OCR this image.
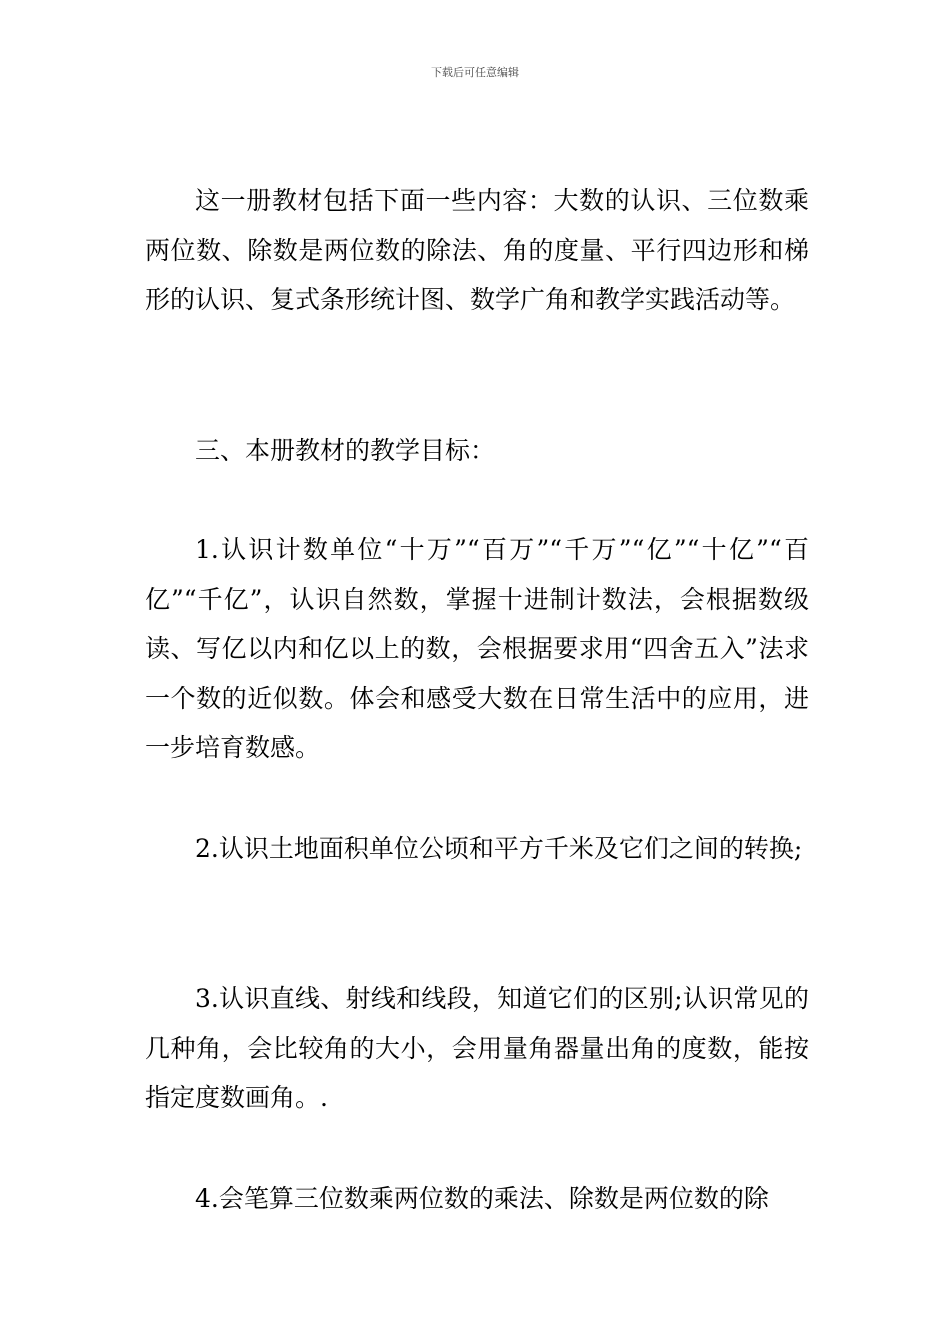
下载后可任意编辑

这一册教材包括下面一些内容：大数的认识、三位数乘两位数、除数是两位数的除法、角的度量、平行四边形和梯形的认识、复式条形统计图、数学广角和教学实践活动等。

三、本册教材的教学目标：

1.认识计数单位“十万”“百万”“千万”“亿”“十亿”“百亿”“千亿”，认识自然数，掌握十进制计数法，会根据数级读、写亿以内和亿以上的数，会根据要求用“四舍五入”法求一个数的近似数。体会和感受大数在日常生活中的应用，进一步培育数感。

2.认识土地面积单位公顷和平方千米及它们之间的转换;

3.认识直线、射线和线段，知道它们的区别;认识常见的几种角，会比较角的大小，会用量角器量出角的度数，能按指定度数画角。.

4.会笔算三位数乘两位数的乘法、除数是两位数的除
